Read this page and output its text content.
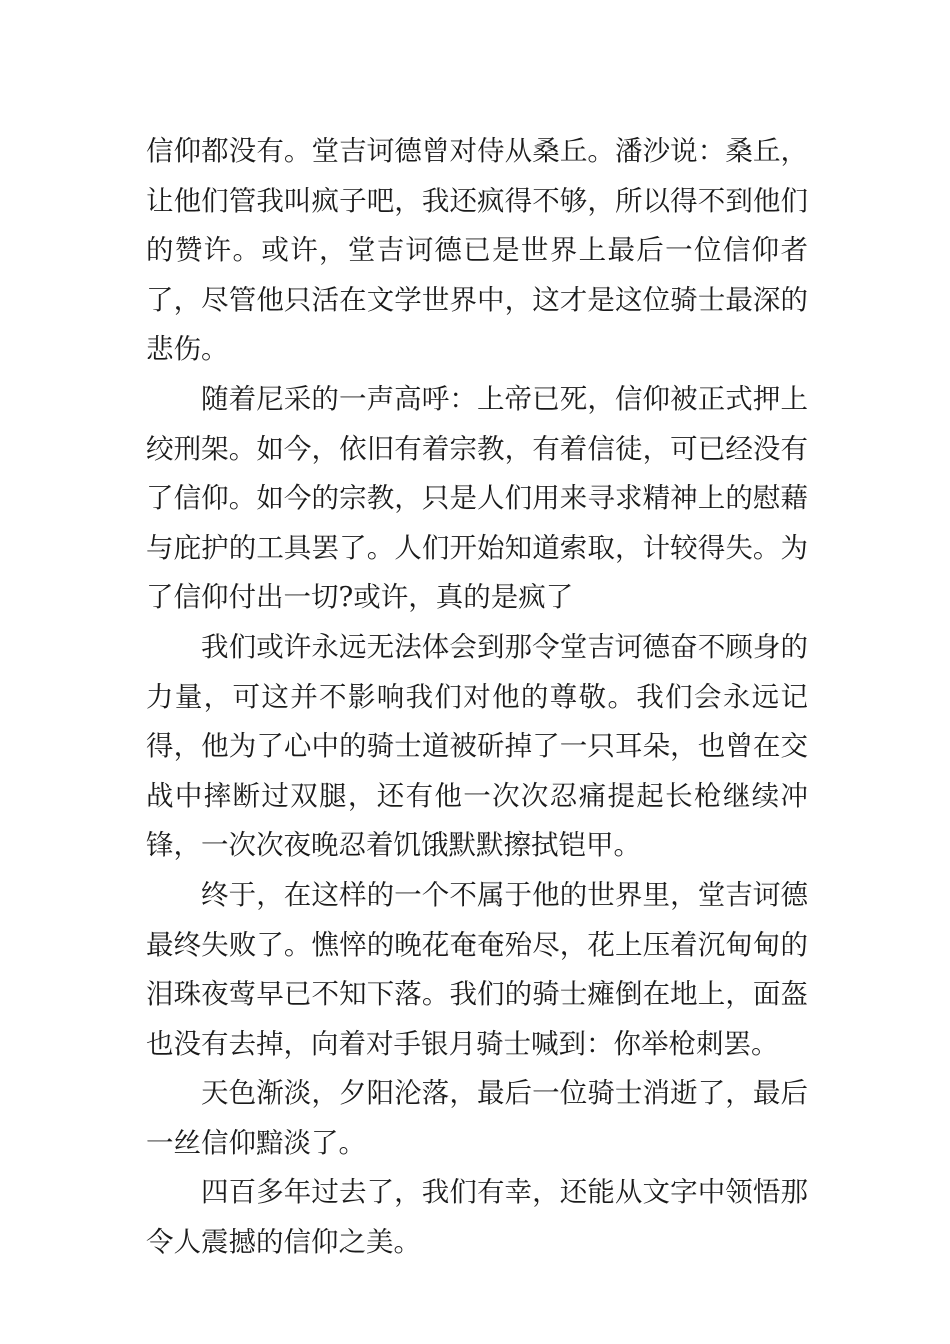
信仰都没有。堂吉诃德曾对侍从桑丘。潘沙说：桑丘，让他们管我叫疯子吧，我还疯得不够，所以得不到他们的赞许。或许，堂吉诃德已是世界上最后一位信仰者了，尽管他只活在文学世界中，这才是这位骑士最深的悲伤。

随着尼采的一声高呼：上帝已死，信仰被正式押上绞刑架。如今，依旧有着宗教，有着信徒，可已经没有了信仰。如今的宗教，只是人们用来寻求精神上的慰藉与庇护的工具罢了。人们开始知道索取，计较得失。为了信仰付出一切?或许，真的是疯了

我们或许永远无法体会到那令堂吉诃德奋不顾身的力量，可这并不影响我们对他的尊敬。我们会永远记得，他为了心中的骑士道被斫掉了一只耳朵，也曾在交战中摔断过双腿，还有他一次次忍痛提起长枪继续冲锋，一次次夜晚忍着饥饿默默擦拭铠甲。

终于，在这样的一个不属于他的世界里，堂吉诃德最终失败了。憔悴的晚花奄奄殆尽，花上压着沉甸甸的泪珠夜莺早已不知下落。我们的骑士瘫倒在地上，面盔也没有去掉，向着对手银月骑士喊到：你举枪刺罢。

天色渐淡，夕阳沦落，最后一位骑士消逝了，最后一丝信仰黯淡了。

四百多年过去了，我们有幸，还能从文字中领悟那令人震撼的信仰之美。
